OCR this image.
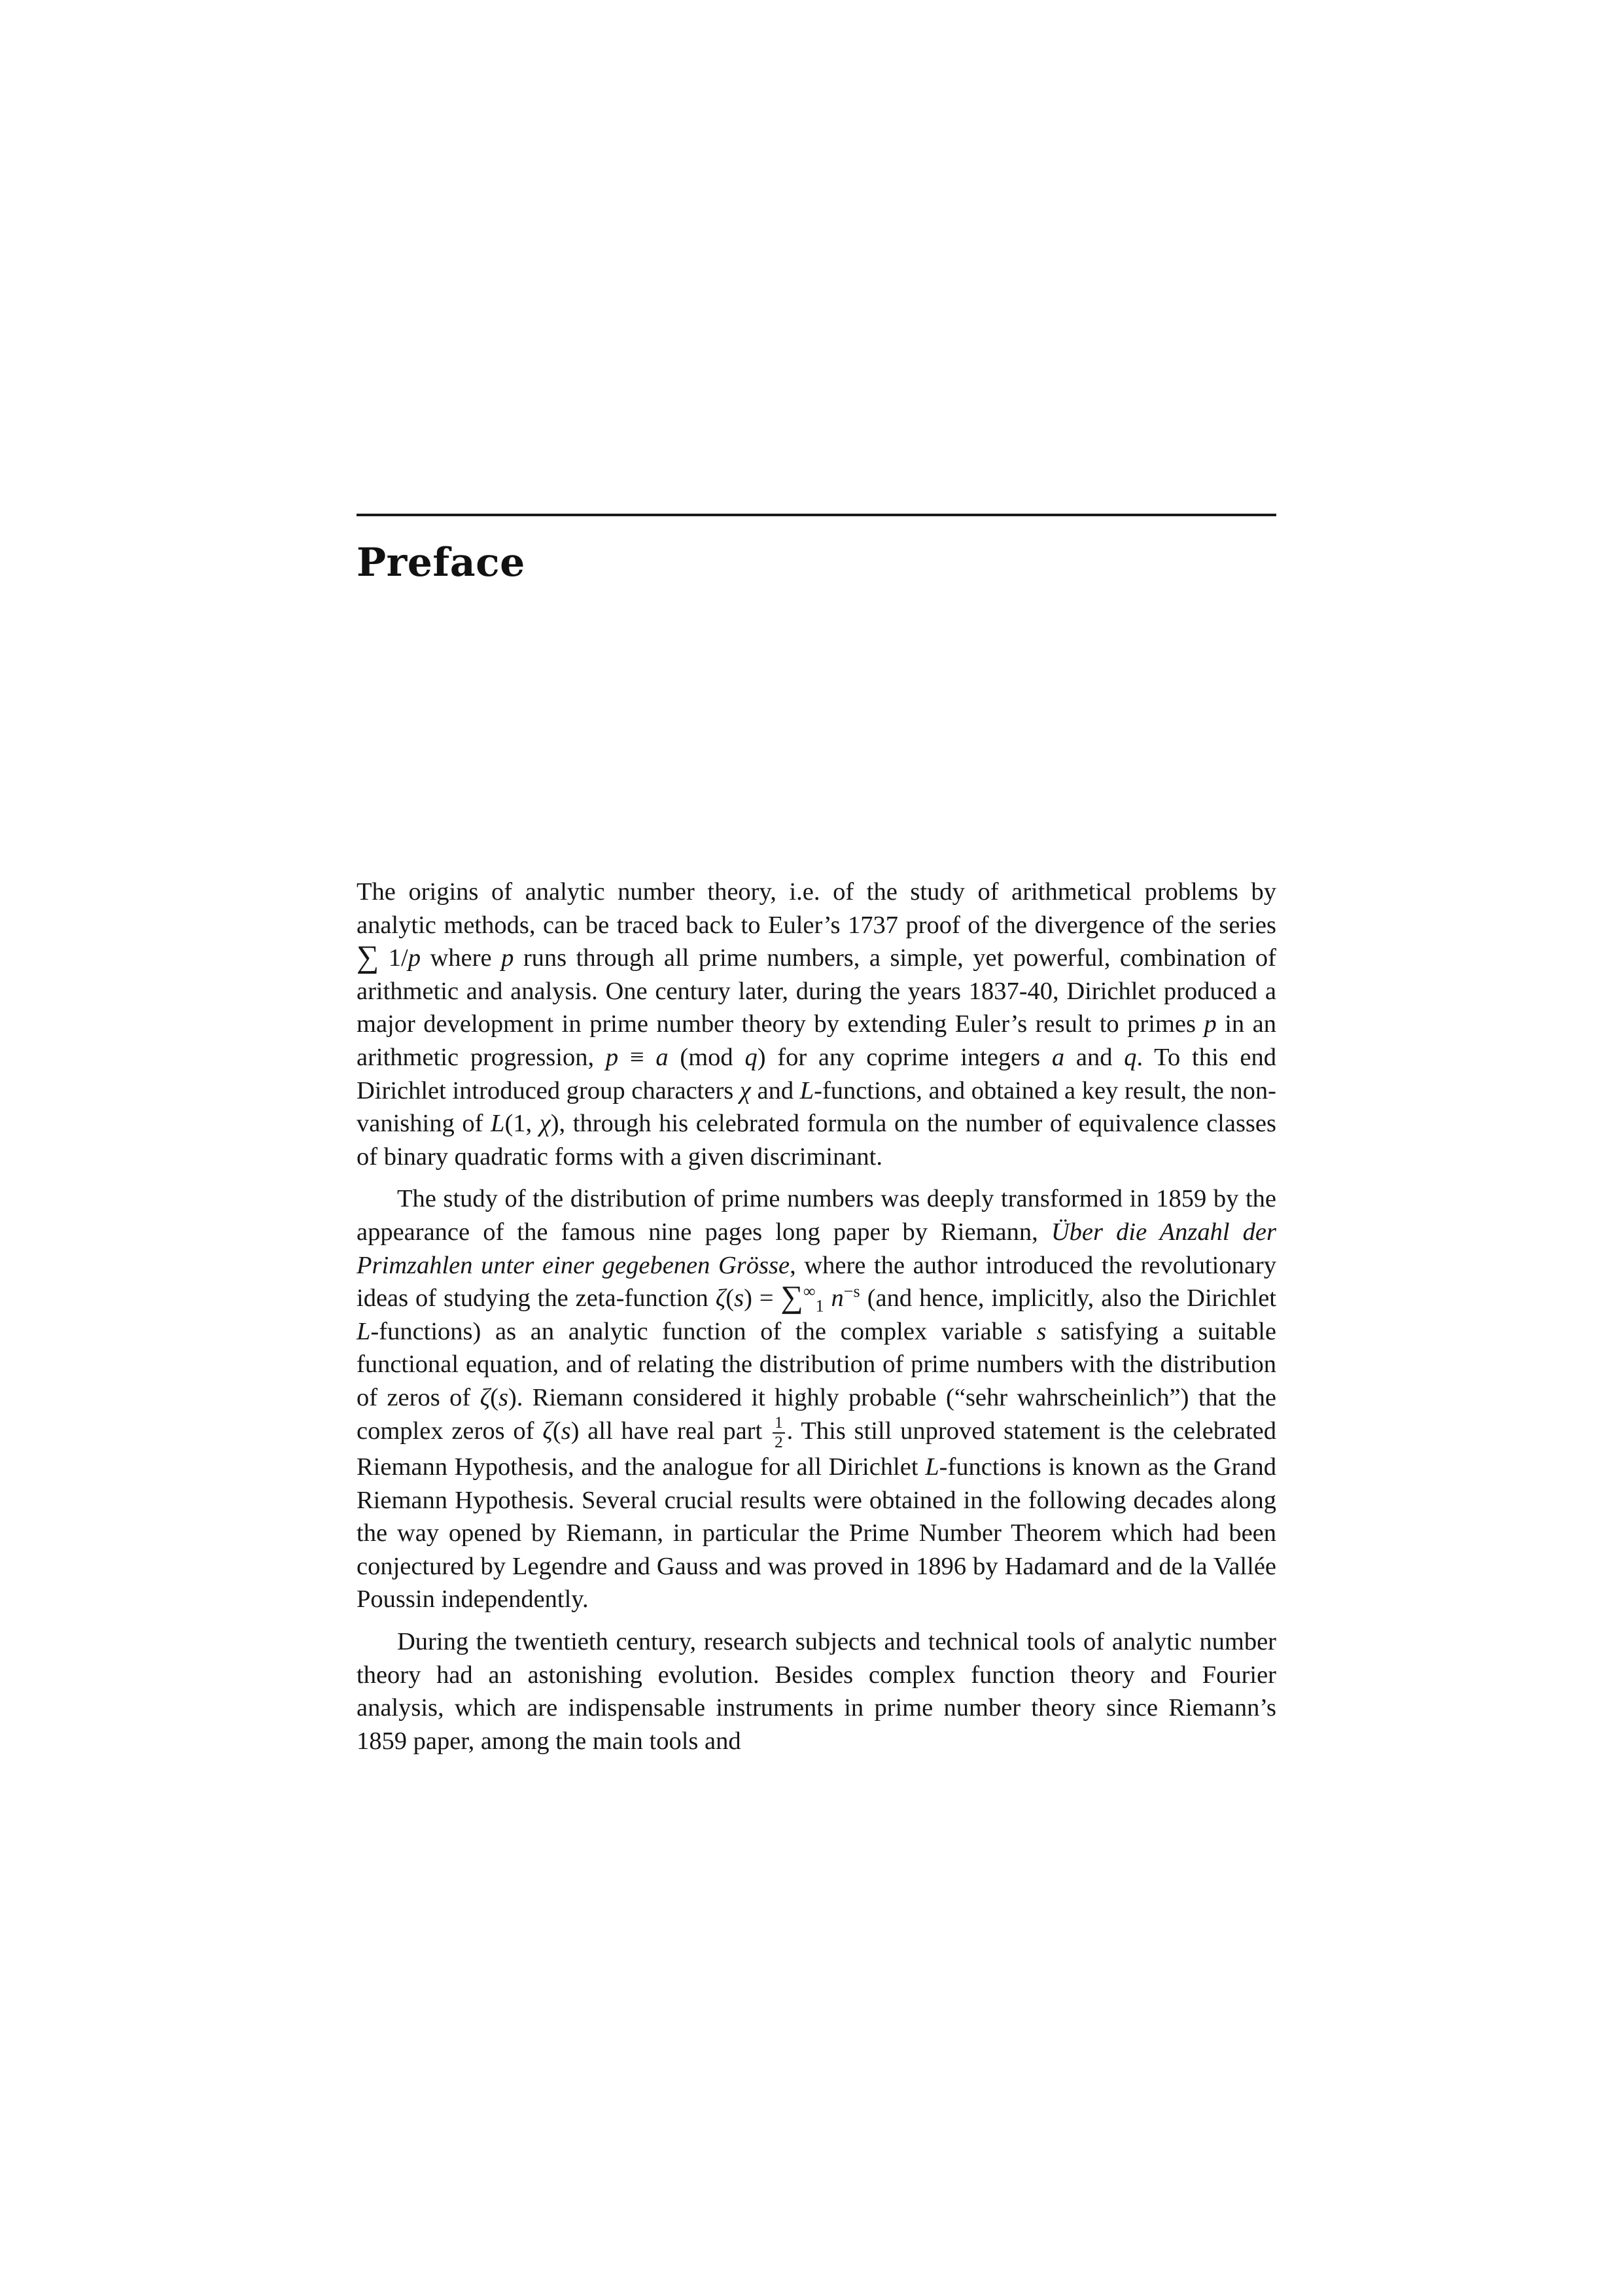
Preface

The origins of analytic number theory, i.e. of the study of arithmetical problems by analytic methods, can be traced back to Euler’s 1737 proof of the divergence of the series ∑ 1/p where p runs through all prime numbers, a simple, yet powerful, combination of arithmetic and analysis. One century later, during the years 1837-40, Dirichlet produced a major development in prime number theory by extending Euler’s result to primes p in an arithmetic progression, p ≡ a (mod q) for any coprime integers a and q. To this end Dirichlet introduced group characters χ and L-functions, and obtained a key result, the non-vanishing of L(1, χ), through his celebrated formula on the number of equivalence classes of binary quadratic forms with a given discriminant.

The study of the distribution of prime numbers was deeply transformed in 1859 by the appearance of the famous nine pages long paper by Riemann, Über die Anzahl der Primzahlen unter einer gegebenen Grösse, where the author introduced the revolutionary ideas of studying the zeta-function $\zeta(s) = \sum^\infty_1$ $n^{-s}$ (and hence, implicitly, also the Dirichlet L-functions) as an analytic function of the complex variable s satisfying a suitable functional equation, and of relating the distribution of prime numbers with the distribution of zeros of ζ(s). Riemann considered it highly probable (“sehr wahrscheinlich”) that the complex zeros of ζ(s) all have real part $\frac{1}{2}$ . This still unproved statement is the celebrated Riemann Hypothesis, and the analogue for all Dirichlet L-functions is known as the Grand Riemann Hypothesis. Several crucial results were obtained in the following decades along the way opened by Riemann, in particular the Prime Number Theorem which had been conjectured by Legendre and Gauss and was proved in 1896 by Hadamard and de la Vallée Poussin independently.

During the twentieth century, research subjects and technical tools of analytic number theory had an astonishing evolution. Besides complex function theory and Fourier analysis, which are indispensable instruments in prime number theory since Riemann’s 1859 paper, among the main tools and
